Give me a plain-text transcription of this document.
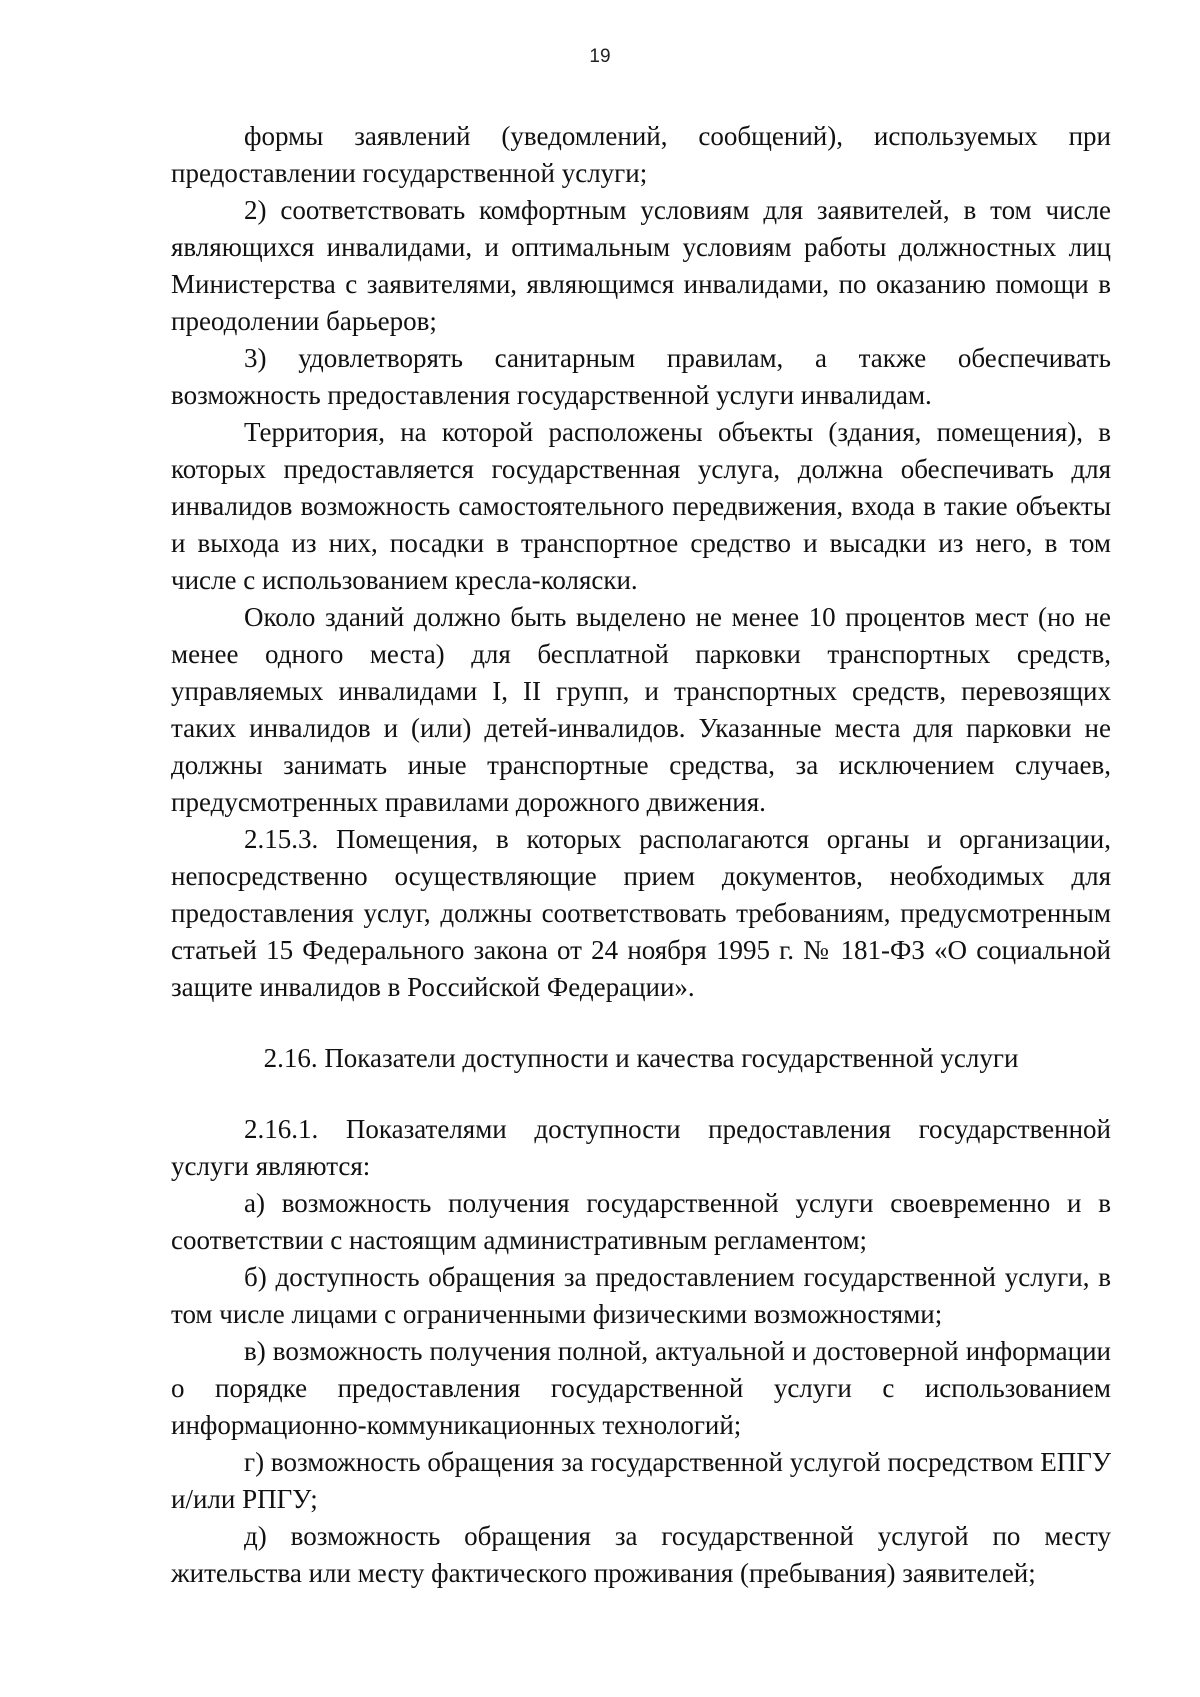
19

формы заявлений (уведомлений, сообщений), используемых при предоставлении государственной услуги;

2) соответствовать комфортным условиям для заявителей, в том числе являющихся инвалидами, и оптимальным условиям работы должностных лиц Министерства с заявителями, являющимся инвалидами, по оказанию помощи в преодолении барьеров;

3) удовлетворять санитарным правилам, а также обеспечивать возможность предоставления государственной услуги инвалидам.

Территория, на которой расположены объекты (здания, помещения), в которых предоставляется государственная услуга, должна обеспечивать для инвалидов возможность самостоятельного передвижения, входа в такие объекты и выхода из них, посадки в транспортное средство и высадки из него, в том числе с использованием кресла-коляски.

Около зданий должно быть выделено не менее 10 процентов мест (но не менее одного места) для бесплатной парковки транспортных средств, управляемых инвалидами I, II групп, и транспортных средств, перевозящих таких инвалидов и (или) детей-инвалидов. Указанные места для парковки не должны занимать иные транспортные средства, за исключением случаев, предусмотренных правилами дорожного движения.

2.15.3. Помещения, в которых располагаются органы и организации, непосредственно осуществляющие прием документов, необходимых для предоставления услуг, должны соответствовать требованиям, предусмотренным статьей 15 Федерального закона от 24 ноября 1995 г. № 181-ФЗ «О социальной защите инвалидов в Российской Федерации».

2.16. Показатели доступности и качества государственной услуги

2.16.1. Показателями доступности предоставления государственной услуги являются:

а) возможность получения государственной услуги своевременно и в соответствии с настоящим административным регламентом;

б) доступность обращения за предоставлением государственной услуги, в том числе лицами с ограниченными физическими возможностями;

в) возможность получения полной, актуальной и достоверной информации о порядке предоставления государственной услуги с использованием информационно-коммуникационных технологий;

г) возможность обращения за государственной услугой посредством ЕПГУ и/или РПГУ;

д) возможность обращения за государственной услугой по месту жительства или месту фактического проживания (пребывания) заявителей;
